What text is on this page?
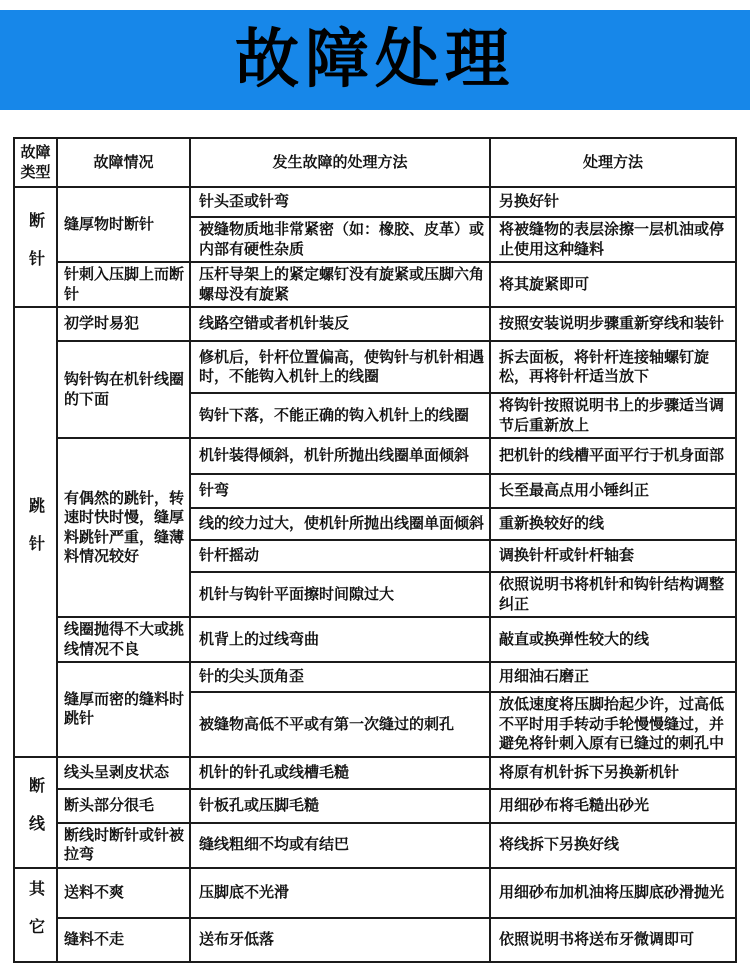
故障处理
故障类型	故障情况	发生故障的处理方法	处理方法
断针	缝厚物时断针	针头歪或针弯	另换好针
		被缝物质地非常紧密（如：橡胶、皮革）或内部有硬性杂质	将被缝物的表层涂擦一层机油或停止使用这种缝料
	针刺入压脚上而断针	压杆导架上的紧定螺钉没有旋紧或压脚六角螺母没有旋紧	将其旋紧即可
跳针	初学时易犯	线路空错或者机针装反	按照安装说明步骤重新穿线和装针
	钩针钩在机针线圈的下面	修机后，针杆位置偏高，使钩针与机针相遇时，不能钩入机针上的线圈	拆去面板，将针杆连接轴螺钉旋松，再将针杆适当放下
		钩针下落，不能正确的钩入机针上的线圈	将钩针按照说明书上的步骤适当调节后重新放上
	有偶然的跳针，转速时快时慢，缝厚料跳针严重，缝薄料情况较好	机针装得倾斜，机针所抛出线圈单面倾斜	把机针的线槽平面平行于机身面部
		针弯	长至最高点用小锤纠正
		线的绞力过大，使机针所抛出线圈单面倾斜	重新换较好的线
		针杆摇动	调换针杆或针杆轴套
		机针与钩针平面擦时间隙过大	依照说明书将机针和钩针结构调整纠正
	线圈抛得不大或挑线情况不良	机背上的过线弯曲	敲直或换弹性较大的线
	缝厚而密的缝料时跳针	针的尖头顶角歪	用细油石磨正
		被缝物高低不平或有第一次缝过的刺孔	放低速度将压脚抬起少许，过高低不平时用手转动手轮慢慢缝过，并避免将针刺入原有已缝过的刺孔中
断线	线头呈剥皮状态	机针的针孔或线槽毛糙	将原有机针拆下另换新机针
	断头部分很毛	针板孔或压脚毛糙	用细砂布将毛糙出砂光
	断线时断针或针被拉弯	缝线粗细不均或有结巴	将线拆下另换好线
其它	送料不爽	压脚底不光滑	用细砂布加机油将压脚底砂滑抛光
	缝料不走	送布牙低落	依照说明书将送布牙微调即可
